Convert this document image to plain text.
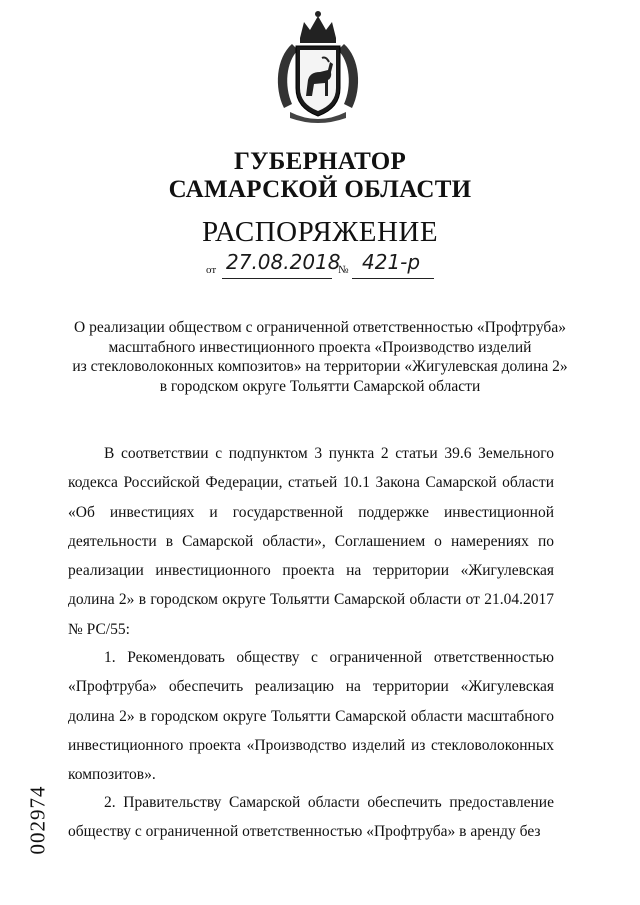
ГУБЕРНАТОР
САМАРСКОЙ ОБЛАСТИ
РАСПОРЯЖЕНИЕ
от 27.08.2018
№ 421-р
О реализации обществом с ограниченной ответственностью «Профтруба»
масштабного инвестиционного проекта «Производство изделий
из стекловолоконных композитов» на территории «Жигулевская долина 2»
в городском округе Тольятти Самарской области

В соответствии с подпунктом 3 пункта 2 статьи 39.6 Земельного кодекса Российской Федерации, статьей 10.1 Закона Самарской области «Об инвестициях и государственной поддержке инвестиционной деятельности в Самарской области», Соглашением о намерениях по реализации инвестиционного проекта на территории «Жигулевская долина 2» в городском округе Тольятти Самарской области от 21.04.2017 № РС/55:

1. Рекомендовать обществу с ограниченной ответственностью «Профтруба» обеспечить реализацию на территории «Жигулевская долина 2» в городском округе Тольятти Самарской области масштабного инвестиционного проекта «Производство изделий из стекловолоконных композитов».

2. Правительству Самарской области обеспечить предоставление обществу с ограниченной ответственностью «Профтруба» в аренду без

002974
